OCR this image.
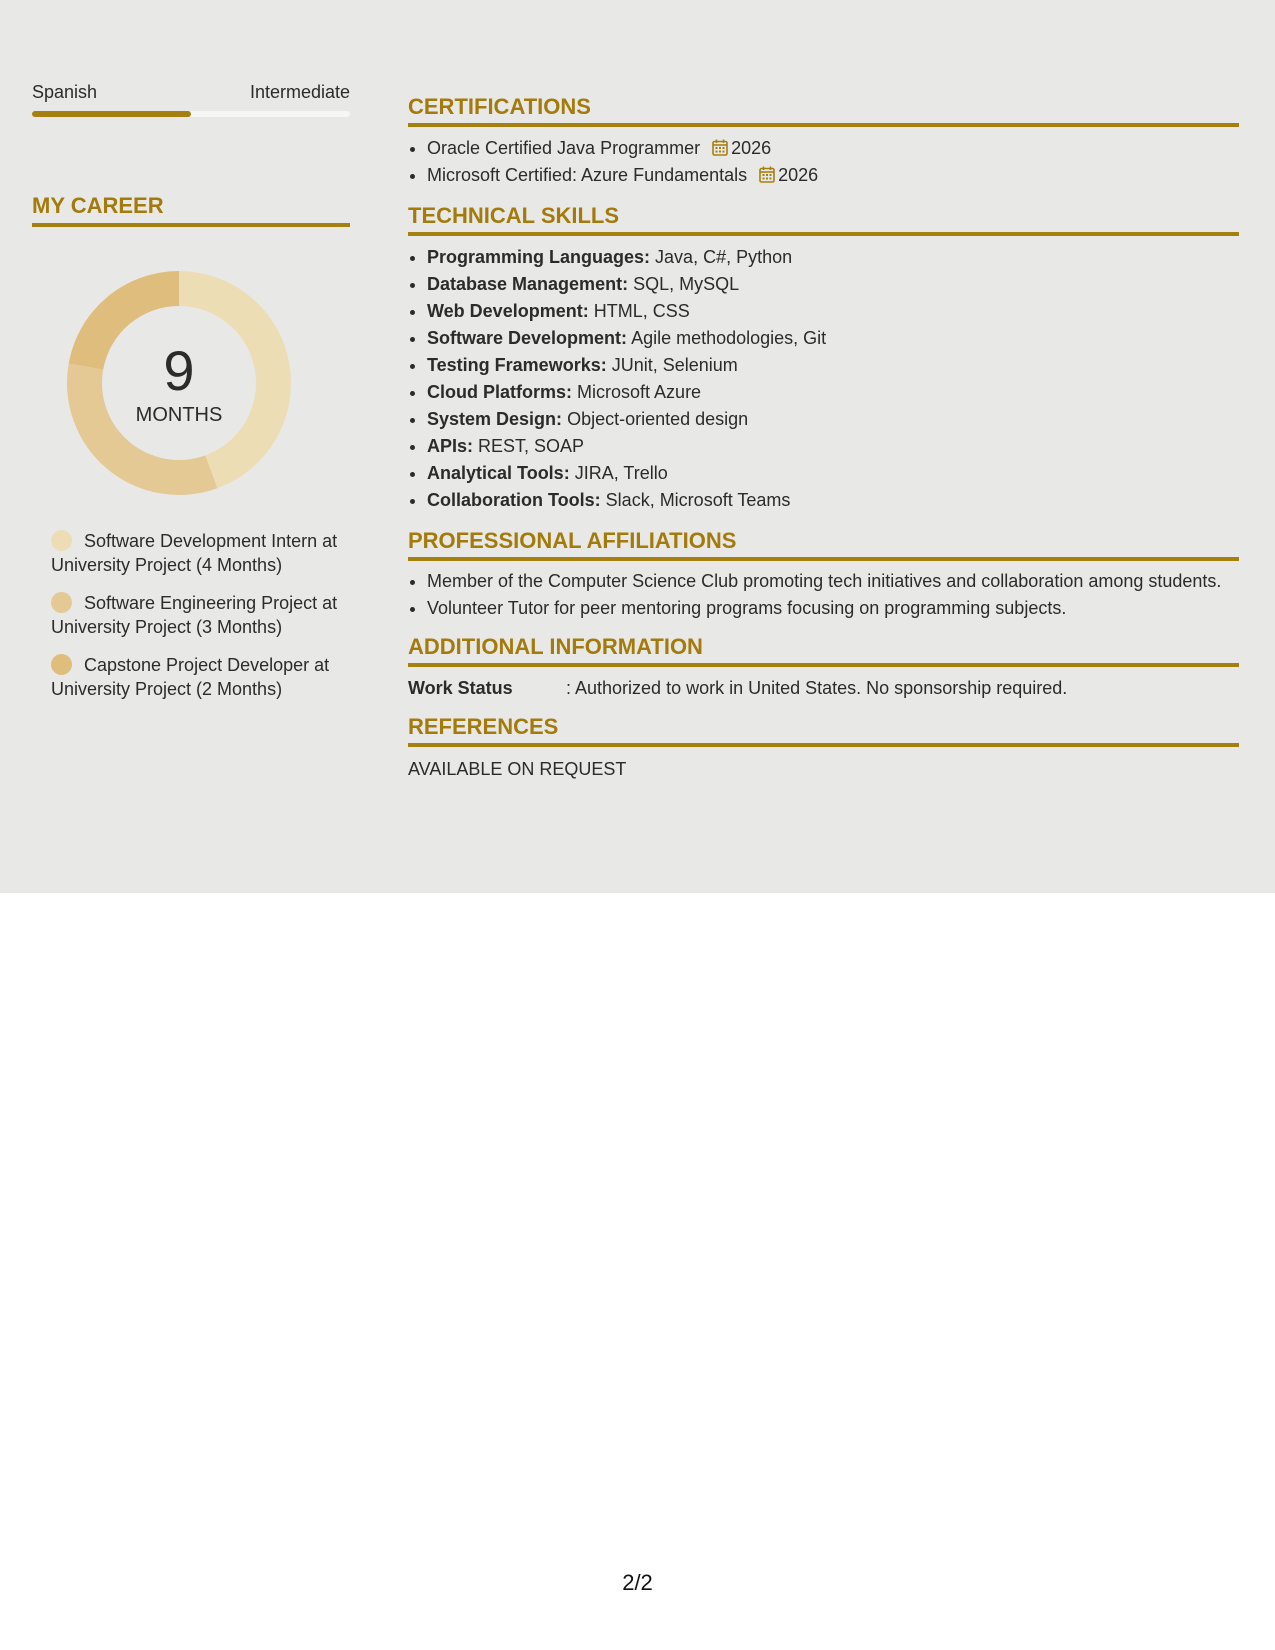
Spanish	Intermediate
MY CAREER
9
MONTHS
Software Development Intern at University Project (4 Months)
Software Engineering Project at University Project (3 Months)
Capstone Project Developer at University Project (2 Months)
CERTIFICATIONS
• Oracle Certified Java Programmer 2026
• Microsoft Certified: Azure Fundamentals 2026
TECHNICAL SKILLS
• Programming Languages: Java, C#, Python
• Database Management: SQL, MySQL
• Web Development: HTML, CSS
• Software Development: Agile methodologies, Git
• Testing Frameworks: JUnit, Selenium
• Cloud Platforms: Microsoft Azure
• System Design: Object-oriented design
• APIs: REST, SOAP
• Analytical Tools: JIRA, Trello
• Collaboration Tools: Slack, Microsoft Teams
PROFESSIONAL AFFILIATIONS
• Member of the Computer Science Club promoting tech initiatives and collaboration among students.
• Volunteer Tutor for peer mentoring programs focusing on programming subjects.
ADDITIONAL INFORMATION
Work Status	: Authorized to work in United States. No sponsorship required.
REFERENCES
AVAILABLE ON REQUEST
2/2
